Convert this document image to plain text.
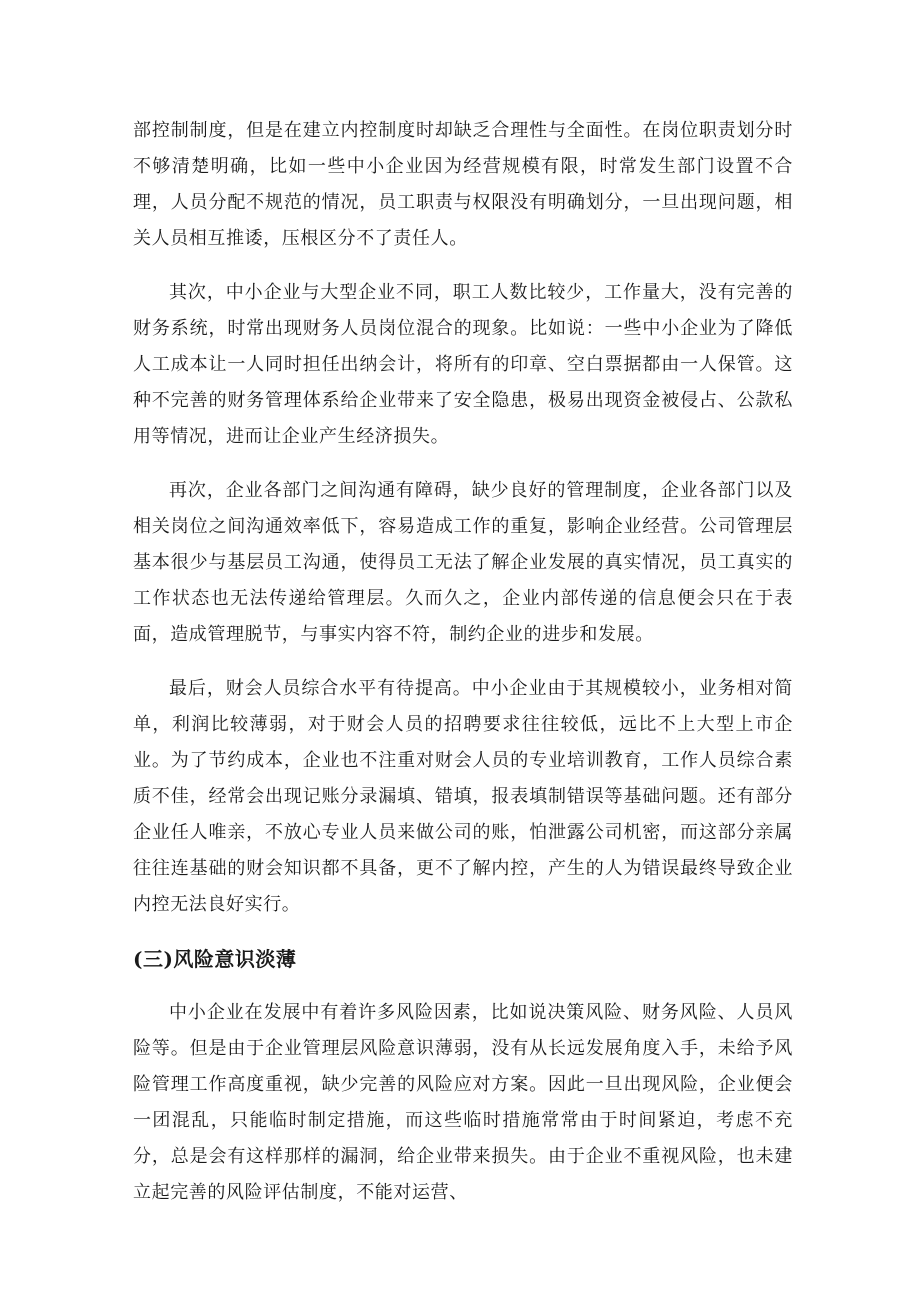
部控制制度，但是在建立内控制度时却缺乏合理性与全面性。在岗位职责划分时不够清楚明确，比如一些中小企业因为经营规模有限，时常发生部门设置不合理，人员分配不规范的情况，员工职责与权限没有明确划分，一旦出现问题，相关人员相互推诿，压根区分不了责任人。

其次，中小企业与大型企业不同，职工人数比较少，工作量大，没有完善的财务系统，时常出现财务人员岗位混合的现象。比如说：一些中小企业为了降低人工成本让一人同时担任出纳会计，将所有的印章、空白票据都由一人保管。这种不完善的财务管理体系给企业带来了安全隐患，极易出现资金被侵占、公款私用等情况，进而让企业产生经济损失。

再次，企业各部门之间沟通有障碍，缺少良好的管理制度，企业各部门以及相关岗位之间沟通效率低下，容易造成工作的重复，影响企业经营。公司管理层基本很少与基层员工沟通，使得员工无法了解企业发展的真实情况，员工真实的工作状态也无法传递给管理层。久而久之，企业内部传递的信息便会只在于表面，造成管理脱节，与事实内容不符，制约企业的进步和发展。

最后，财会人员综合水平有待提高。中小企业由于其规模较小，业务相对简单，利润比较薄弱，对于财会人员的招聘要求往往较低，远比不上大型上市企业。为了节约成本，企业也不注重对财会人员的专业培训教育，工作人员综合素质不佳，经常会出现记账分录漏填、错填，报表填制错误等基础问题。还有部分企业任人唯亲，不放心专业人员来做公司的账，怕泄露公司机密，而这部分亲属往往连基础的财会知识都不具备，更不了解内控，产生的人为错误最终导致企业内控无法良好实行。

(三)风险意识淡薄

中小企业在发展中有着许多风险因素，比如说决策风险、财务风险、人员风险等。但是由于企业管理层风险意识薄弱，没有从长远发展角度入手，未给予风险管理工作高度重视，缺少完善的风险应对方案。因此一旦出现风险，企业便会一团混乱，只能临时制定措施，而这些临时措施常常由于时间紧迫，考虑不充分，总是会有这样那样的漏洞，给企业带来损失。由于企业不重视风险，也未建立起完善的风险评估制度，不能对运营、
